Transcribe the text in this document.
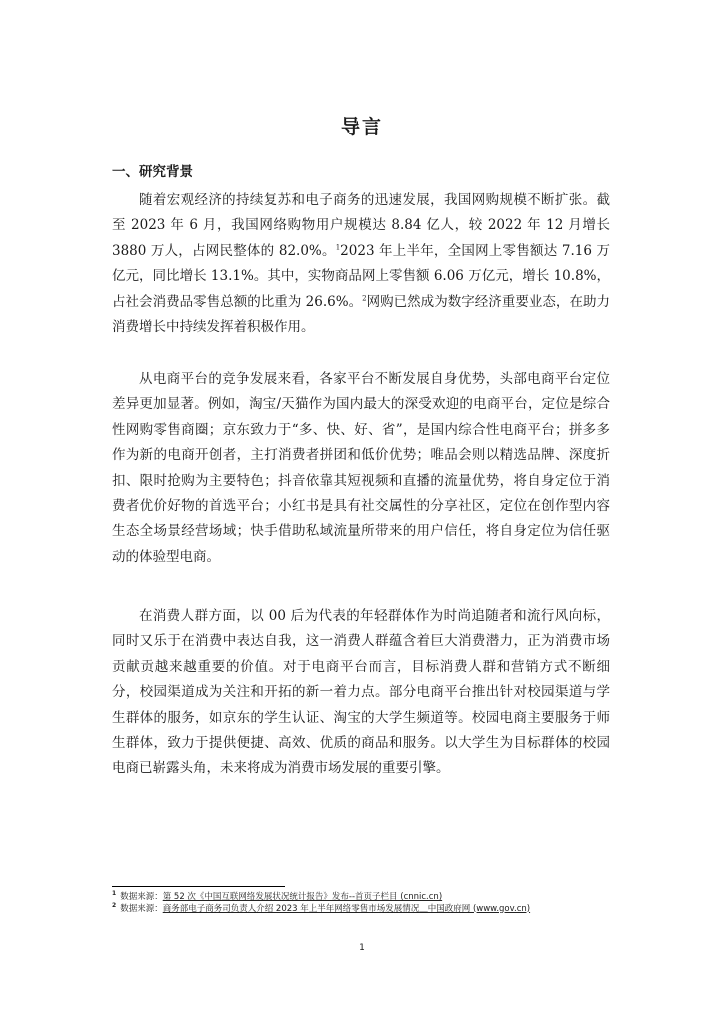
导言
一、研究背景

随着宏观经济的持续复苏和电子商务的迅速发展，我国网购规模不断扩张。截至 2023 年 6 月，我国网络购物用户规模达 8.84 亿人，较 2022 年 12 月增长 3880 万人，占网民整体的 82.0%。$^1$2023 年上半年，全国网上零售额达 7.16 万亿元，同比增长 13.1%。其中，实物商品网上零售额 6.06 万亿元，增长 10.8%，占社会消费品零售总额的比重为 26.6%。$^2$网购已然成为数字经济重要业态，在助力消费增长中持续发挥着积极作用。

从电商平台的竞争发展来看，各家平台不断发展自身优势，头部电商平台定位差异更加显著。例如，淘宝/天猫作为国内最大的深受欢迎的电商平台，定位是综合性网购零售商圈；京东致力于“多、快、好、省”，是国内综合性电商平台；拼多多作为新的电商开创者，主打消费者拼团和低价优势；唯品会则以精选品牌、深度折扣、限时抢购为主要特色；抖音依靠其短视频和直播的流量优势，将自身定位于消费者优价好物的首选平台；小红书是具有社交属性的分享社区，定位在创作型内容生态全场景经营场域；快手借助私域流量所带来的用户信任，将自身定位为信任驱动的体验型电商。

在消费人群方面，以 00 后为代表的年轻群体作为时尚追随者和流行风向标，同时又乐于在消费中表达自我，这一消费人群蕴含着巨大消费潜力，正为消费市场贡献贡越来越重要的价值。对于电商平台而言，目标消费人群和营销方式不断细分，校园渠道成为关注和开拓的新一着力点。部分电商平台推出针对校园渠道与学生群体的服务，如京东的学生认证、淘宝的大学生频道等。校园电商主要服务于师生群体，致力于提供便捷、高效、优质的商品和服务。以大学生为目标群体的校园电商已崭露头角，未来将成为消费市场发展的重要引擎。

$^1$ 数据来源：第 52 次《中国互联网络发展状况统计报告》发布--首页子栏目 (cnnic.cn)

$^2$ 数据来源：商务部电子商务司负责人介绍 2023 年上半年网络零售市场发展情况＿中国政府网 (www.gov.cn)

1
